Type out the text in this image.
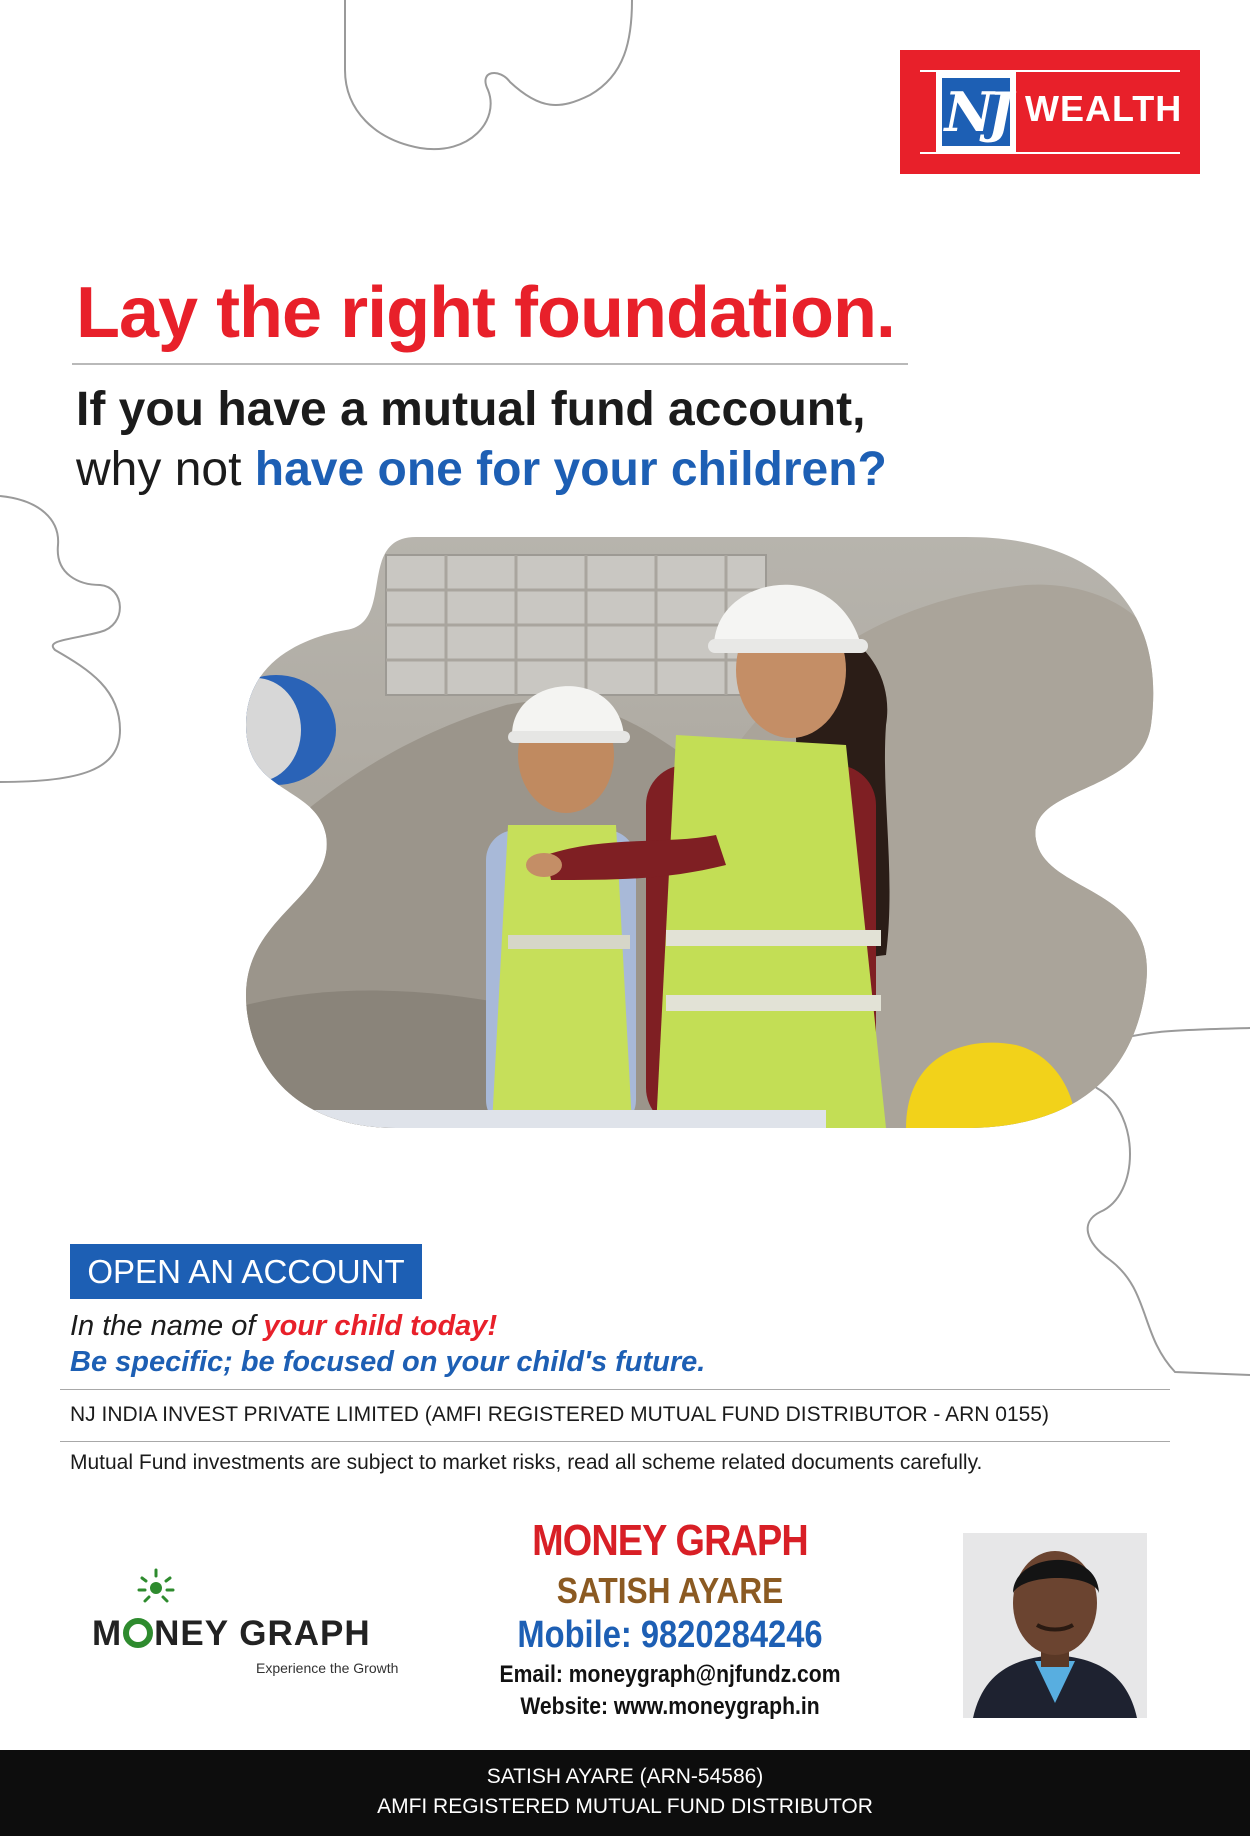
NJ WEALTH
Lay the right foundation.
If you have a mutual fund account,
why not have one for your children?
OPEN AN ACCOUNT
In the name of your child today!
Be specific; be focused on your child's future.
NJ INDIA INVEST PRIVATE LIMITED (AMFI REGISTERED MUTUAL FUND DISTRIBUTOR - ARN 0155)
Mutual Fund investments are subject to market risks, read all scheme related documents carefully.
M NEY GRAPH
Experience the Growth
MONEY GRAPH
SATISH AYARE
Mobile: 9820284246
Email: moneygraph@njfundz.com
Website: www.moneygraph.in
SATISH AYARE (ARN-54586)
AMFI REGISTERED MUTUAL FUND DISTRIBUTOR
